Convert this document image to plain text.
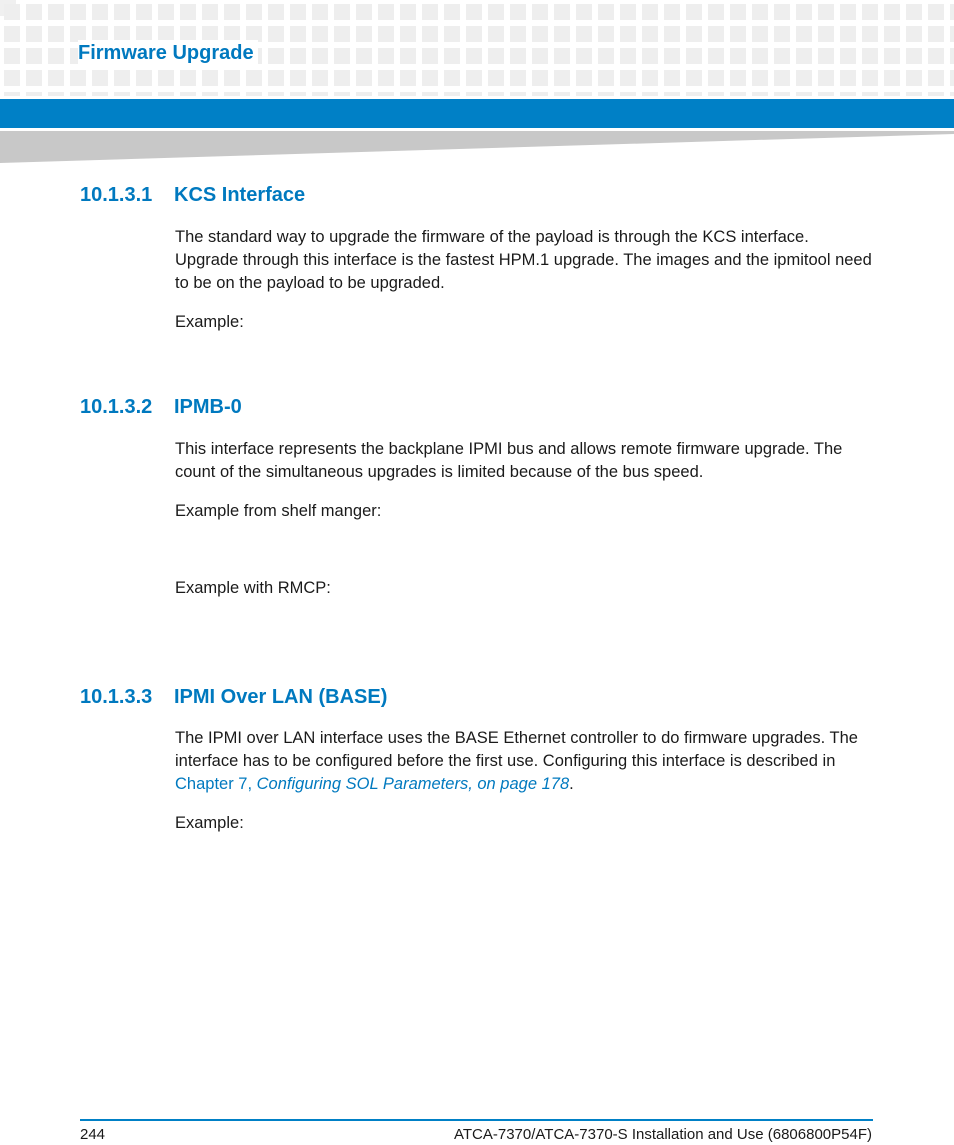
Firmware Upgrade
10.1.3.1 KCS Interface

The standard way to upgrade the firmware of the payload is through the KCS interface. Upgrade through this interface is the fastest HPM.1 upgrade. The images and the ipmitool need to be on the payload to be upgraded.

Example:

10.1.3.2 IPMB-0

This interface represents the backplane IPMI bus and allows remote firmware upgrade. The count of the simultaneous upgrades is limited because of the bus speed.

Example from shelf manger:

Example with RMCP:

10.1.3.3 IPMI Over LAN (BASE)

The IPMI over LAN interface uses the BASE Ethernet controller to do firmware upgrades. The interface has to be configured before the first use. Configuring this interface is described in Chapter 7, Configuring SOL Parameters, on page 178.

Example:

244	ATCA-7370/ATCA-7370-S Installation and Use (6806800P54F)
